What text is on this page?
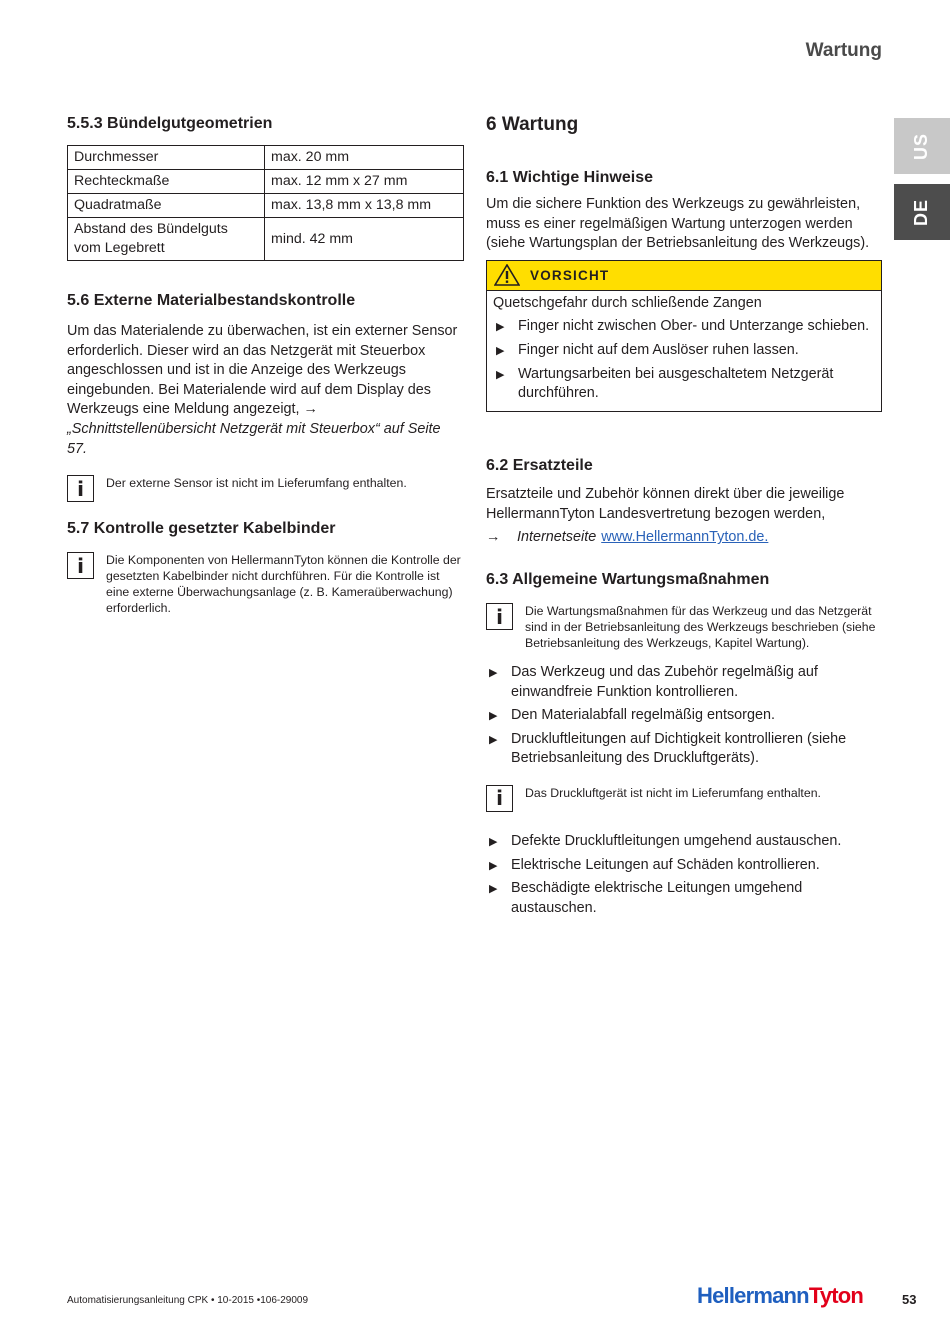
Wartung
US
DE
5.5.3 Bündelgutgeometrien
Durchmesser	max. 20 mm
Rechteckmaße	max. 12 mm x 27 mm
Quadratmaße	max. 13,8 mm x 13,8 mm
Abstand des Bündelguts vom Legebrett	mind. 42 mm
5.6 Externe Materialbestandskontrolle

Um das Materialende zu überwachen, ist ein externer Sensor erforderlich. Dieser wird an das Netzgerät mit Steuerbox angeschlossen und ist in die Anzeige des Werkzeugs eingebunden. Bei Materialende wird auf dem Display des Werkzeugs eine Meldung angezeigt, → „Schnittstellenübersicht Netzgerät mit Steuerbox“ auf Seite 57.

i	Der externe Sensor ist nicht im Lieferumfang enthalten.
5.7 Kontrolle gesetzter Kabelbinder
i	Die Komponenten von HellermannTyton können die Kontrolle der gesetzten Kabelbinder nicht durchführen. Für die Kontrolle ist eine externe Überwachungsanlage (z. B. Kameraüberwachung) erforderlich.
6 Wartung
6.1 Wichtige Hinweise

Um die sichere Funktion des Werkzeugs zu gewährleisten, muss es einer regelmäßigen Wartung unterzogen werden (siehe Wartungsplan der Betriebsanleitung des Werkzeugs).

VORSICHT

Quetschgefahr durch schließende Zangen

▶ Finger nicht zwischen Ober- und Unterzange schieben.
▶ Finger nicht auf dem Auslöser ruhen lassen.
▶ Wartungsarbeiten bei ausgeschaltetem Netzgerät durchführen.
6.2 Ersatzteile

Ersatzteile und Zubehör können direkt über die jeweilige HellermannTyton Landesvertretung bezogen werden,

→	Internetseite www.HellermannTyton.de.
6.3 Allgemeine Wartungsmaßnahmen
i	Die Wartungsmaßnahmen für das Werkzeug und das Netzgerät sind in der Betriebsanleitung des Werkzeugs beschrieben (siehe Betriebsanleitung des Werkzeugs, Kapitel Wartung).
▶ Das Werkzeug und das Zubehör regelmäßig auf einwandfreie Funktion kontrollieren.
▶ Den Materialabfall regelmäßig entsorgen.
▶ Druckluftleitungen auf Dichtigkeit kontrollieren (siehe Betriebsanleitung des Druckluftgeräts).
i	Das Druckluftgerät ist nicht im Lieferumfang enthalten.
▶ Defekte Druckluftleitungen umgehend austauschen.
▶ Elektrische Leitungen auf Schäden kontrollieren.
▶ Beschädigte elektrische Leitungen umgehend austauschen.
Automatisierungsanleitung CPK • 10-2015 •106-29009	HellermannTyton	53
